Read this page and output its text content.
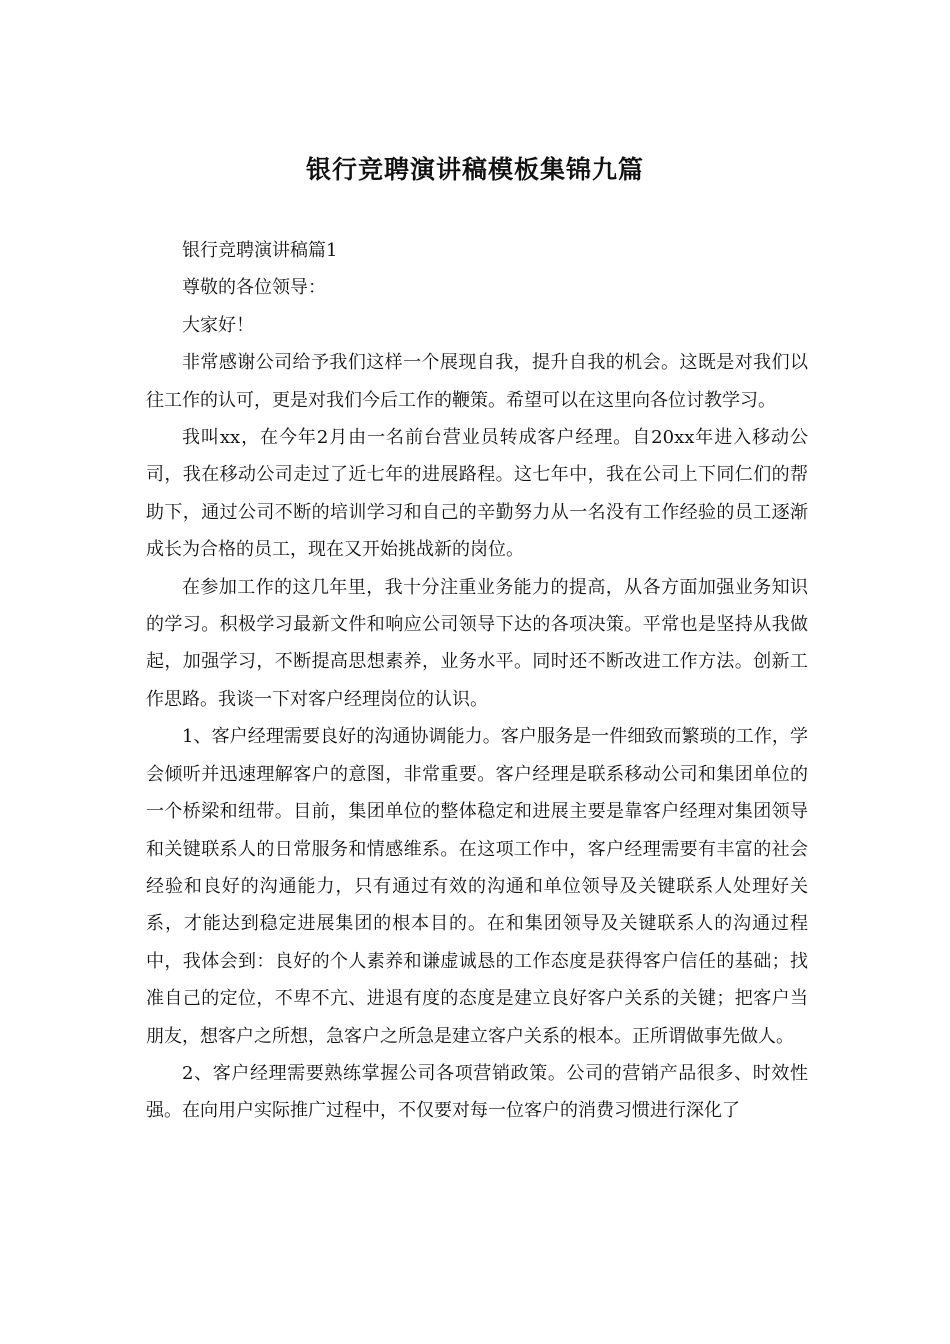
银行竞聘演讲稿模板集锦九篇

银行竞聘演讲稿篇1

尊敬的各位领导：

大家好！

非常感谢公司给予我们这样一个展现自我，提升自我的机会。这既是对我们以往工作的认可，更是对我们今后工作的鞭策。希望可以在这里向各位讨教学习。

我叫xx，在今年2月由一名前台营业员转成客户经理。自20xx年进入移动公司，我在移动公司走过了近七年的进展路程。这七年中，我在公司上下同仁们的帮助下，通过公司不断的培训学习和自己的辛勤努力从一名没有工作经验的员工逐渐成长为合格的员工，现在又开始挑战新的岗位。

在参加工作的这几年里，我十分注重业务能力的提高，从各方面加强业务知识的学习。积极学习最新文件和响应公司领导下达的各项决策。平常也是坚持从我做起，加强学习，不断提高思想素养，业务水平。同时还不断改进工作方法。创新工作思路。我谈一下对客户经理岗位的认识。

1、客户经理需要良好的沟通协调能力。客户服务是一件细致而繁琐的工作，学会倾听并迅速理解客户的意图，非常重要。客户经理是联系移动公司和集团单位的一个桥梁和纽带。目前，集团单位的整体稳定和进展主要是靠客户经理对集团领导和关键联系人的日常服务和情感维系。在这项工作中，客户经理需要有丰富的社会经验和良好的沟通能力，只有通过有效的沟通和单位领导及关键联系人处理好关系，才能达到稳定进展集团的根本目的。在和集团领导及关键联系人的沟通过程中，我体会到：良好的个人素养和谦虚诚恳的工作态度是获得客户信任的基础；找准自己的定位，不卑不亢、进退有度的态度是建立良好客户关系的关键；把客户当朋友，想客户之所想，急客户之所急是建立客户关系的根本。正所谓做事先做人。

2、客户经理需要熟练掌握公司各项营销政策。公司的营销产品很多、时效性强。在向用户实际推广过程中，不仅要对每一位客户的消费习惯进行深化了
